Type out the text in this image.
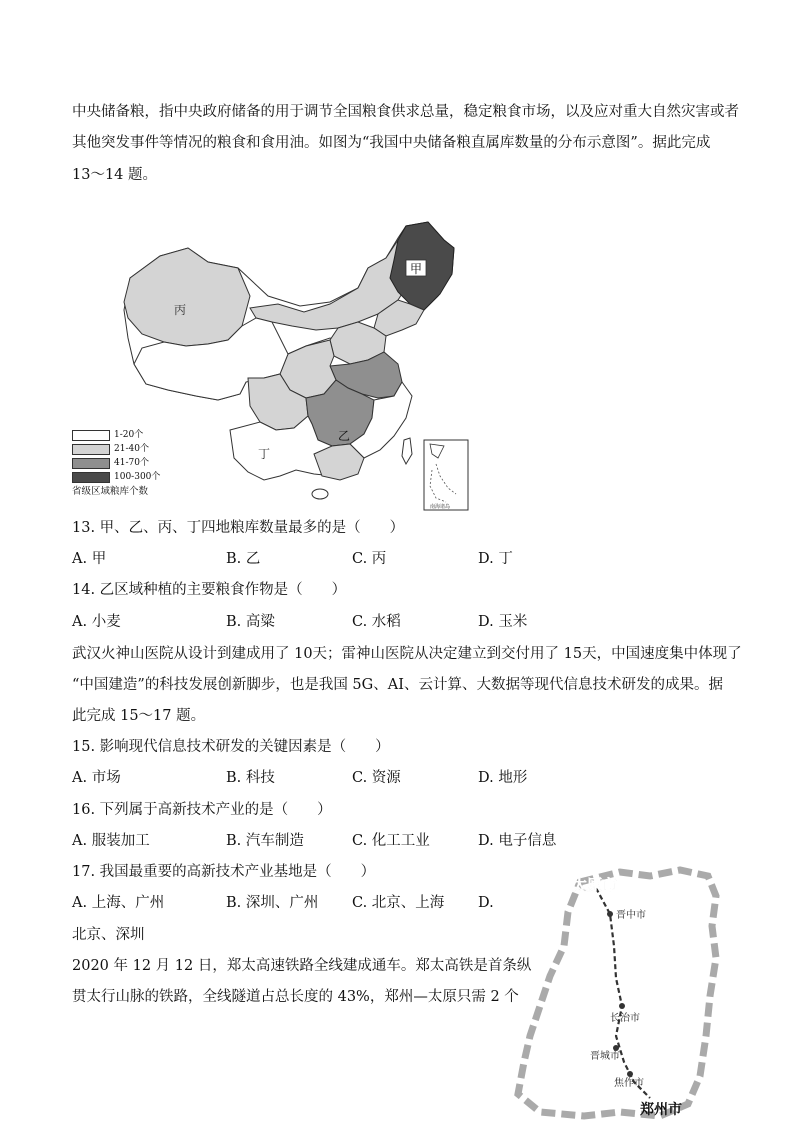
中央储备粮，指中央政府储备的用于调节全国粮食供求总量，稳定粮食市场，以及应对重大自然灾害或者
其他突发事件等情况的粮食和食用油。如图为“我国中央储备粮直属库数量的分布示意图”。据此完成
13～14 题。
甲
丙
乙
丁
南海诸岛
1-20个
21-40个
41-70个
100-300个
省级区域粮库个数
13. 甲、乙、丙、丁四地粮库数量最多的是（　　）
A. 甲	B. 乙	C. 丙	D. 丁
14. 乙区域种植的主要粮食作物是（　　）
A. 小麦	B. 高粱	C. 水稻	D. 玉米
武汉火神山医院从设计到建成用了 10天；雷神山医院从决定建立到交付用了 15天，中国速度集中体现了
“中国建造”的科技发展创新脚步，也是我国 5G、AI、云计算、大数据等现代信息技术研发的成果。据
此完成 15～17 题。
15. 影响现代信息技术研发的关键因素是（　　）
A. 市场	B. 科技	C. 资源	D. 地形
16. 下列属于高新技术产业的是（　　）
A. 服装加工	B. 汽车制造	C. 化工工业	D. 电子信息
17. 我国最重要的高新技术产业基地是（　　）
A. 上海、广州	B. 深圳、广州 C. 北京、上海 D.
北京、深圳
2020 年 12 月 12 日，郑太高速铁路全线建成通车。郑太高铁是首条纵
贯太行山脉的铁路，全线隧道占总长度的 43%，郑州—太原只需 2 个
太原市
晋中市
长治市
晋城市
焦作市
郑州市
